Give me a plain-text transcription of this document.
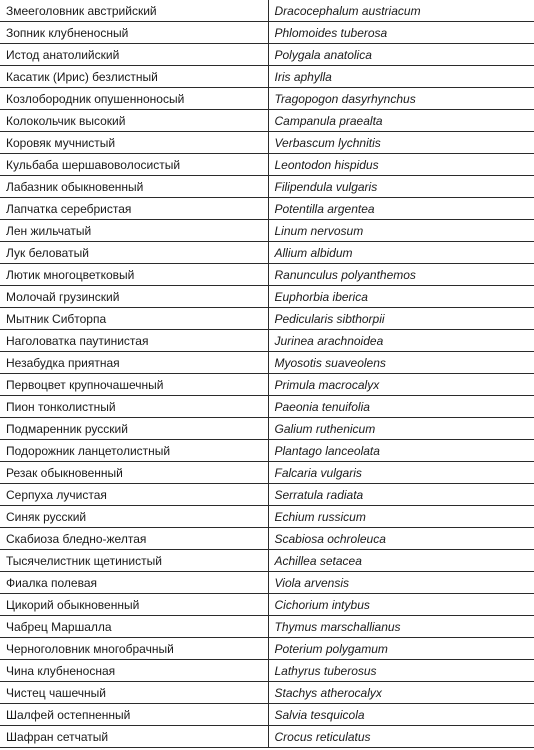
Змееголовник австрийский	Dracocephalum austriacum
Зопник клубненосный	Phlomoides tuberosa
Истод анатолийский	Polygala anatolica
Касатик (Ирис) безлистный	Iris aphylla
Козлобородник опушенноносый	Tragopogon dasyrhynchus
Колокольчик высокий	Campanula praealta
Коровяк мучнистый	Verbascum lychnitis
Кульбаба шершавоволосистый	Leontodon hispidus
Лабазник обыкновенный	Filipendula vulgaris
Лапчатка серебристая	Potentilla argentea
Лен жильчатый	Linum nervosum
Лук беловатый	Allium albidum
Лютик многоцветковый	Ranunculus polyanthemos
Молочай грузинский	Euphorbia iberica
Мытник Сибторпа	Pedicularis sibthorpii
Наголоватка паутинистая	Jurinea arachnoidea
Незабудка приятная	Myosotis suaveolens
Первоцвет крупночашечный	Primula macrocalyx
Пион тонколистный	Paeonia tenuifolia
Подмаренник русский	Galium ruthenicum
Подорожник ланцетолистный	Plantago lanceolata
Резак обыкновенный	Falcaria vulgaris
Серпуха лучистая	Serratula radiata
Синяк русский	Echium russicum
Скабиоза бледно-желтая	Scabiosa ochroleuca
Тысячелистник щетинистый	Achillea setacea
Фиалка полевая	Viola arvensis
Цикорий обыкновенный	Cichorium intybus
Чабрец Маршалла	Thymus marschallianus
Черноголовник многобрачный	Poterium polygamum
Чина клубненосная	Lathyrus tuberosus
Чистец чашечный	Stachys atherocalyx
Шалфей остепненный	Salvia tesquicola
Шафран сетчатый	Crocus reticulatus
